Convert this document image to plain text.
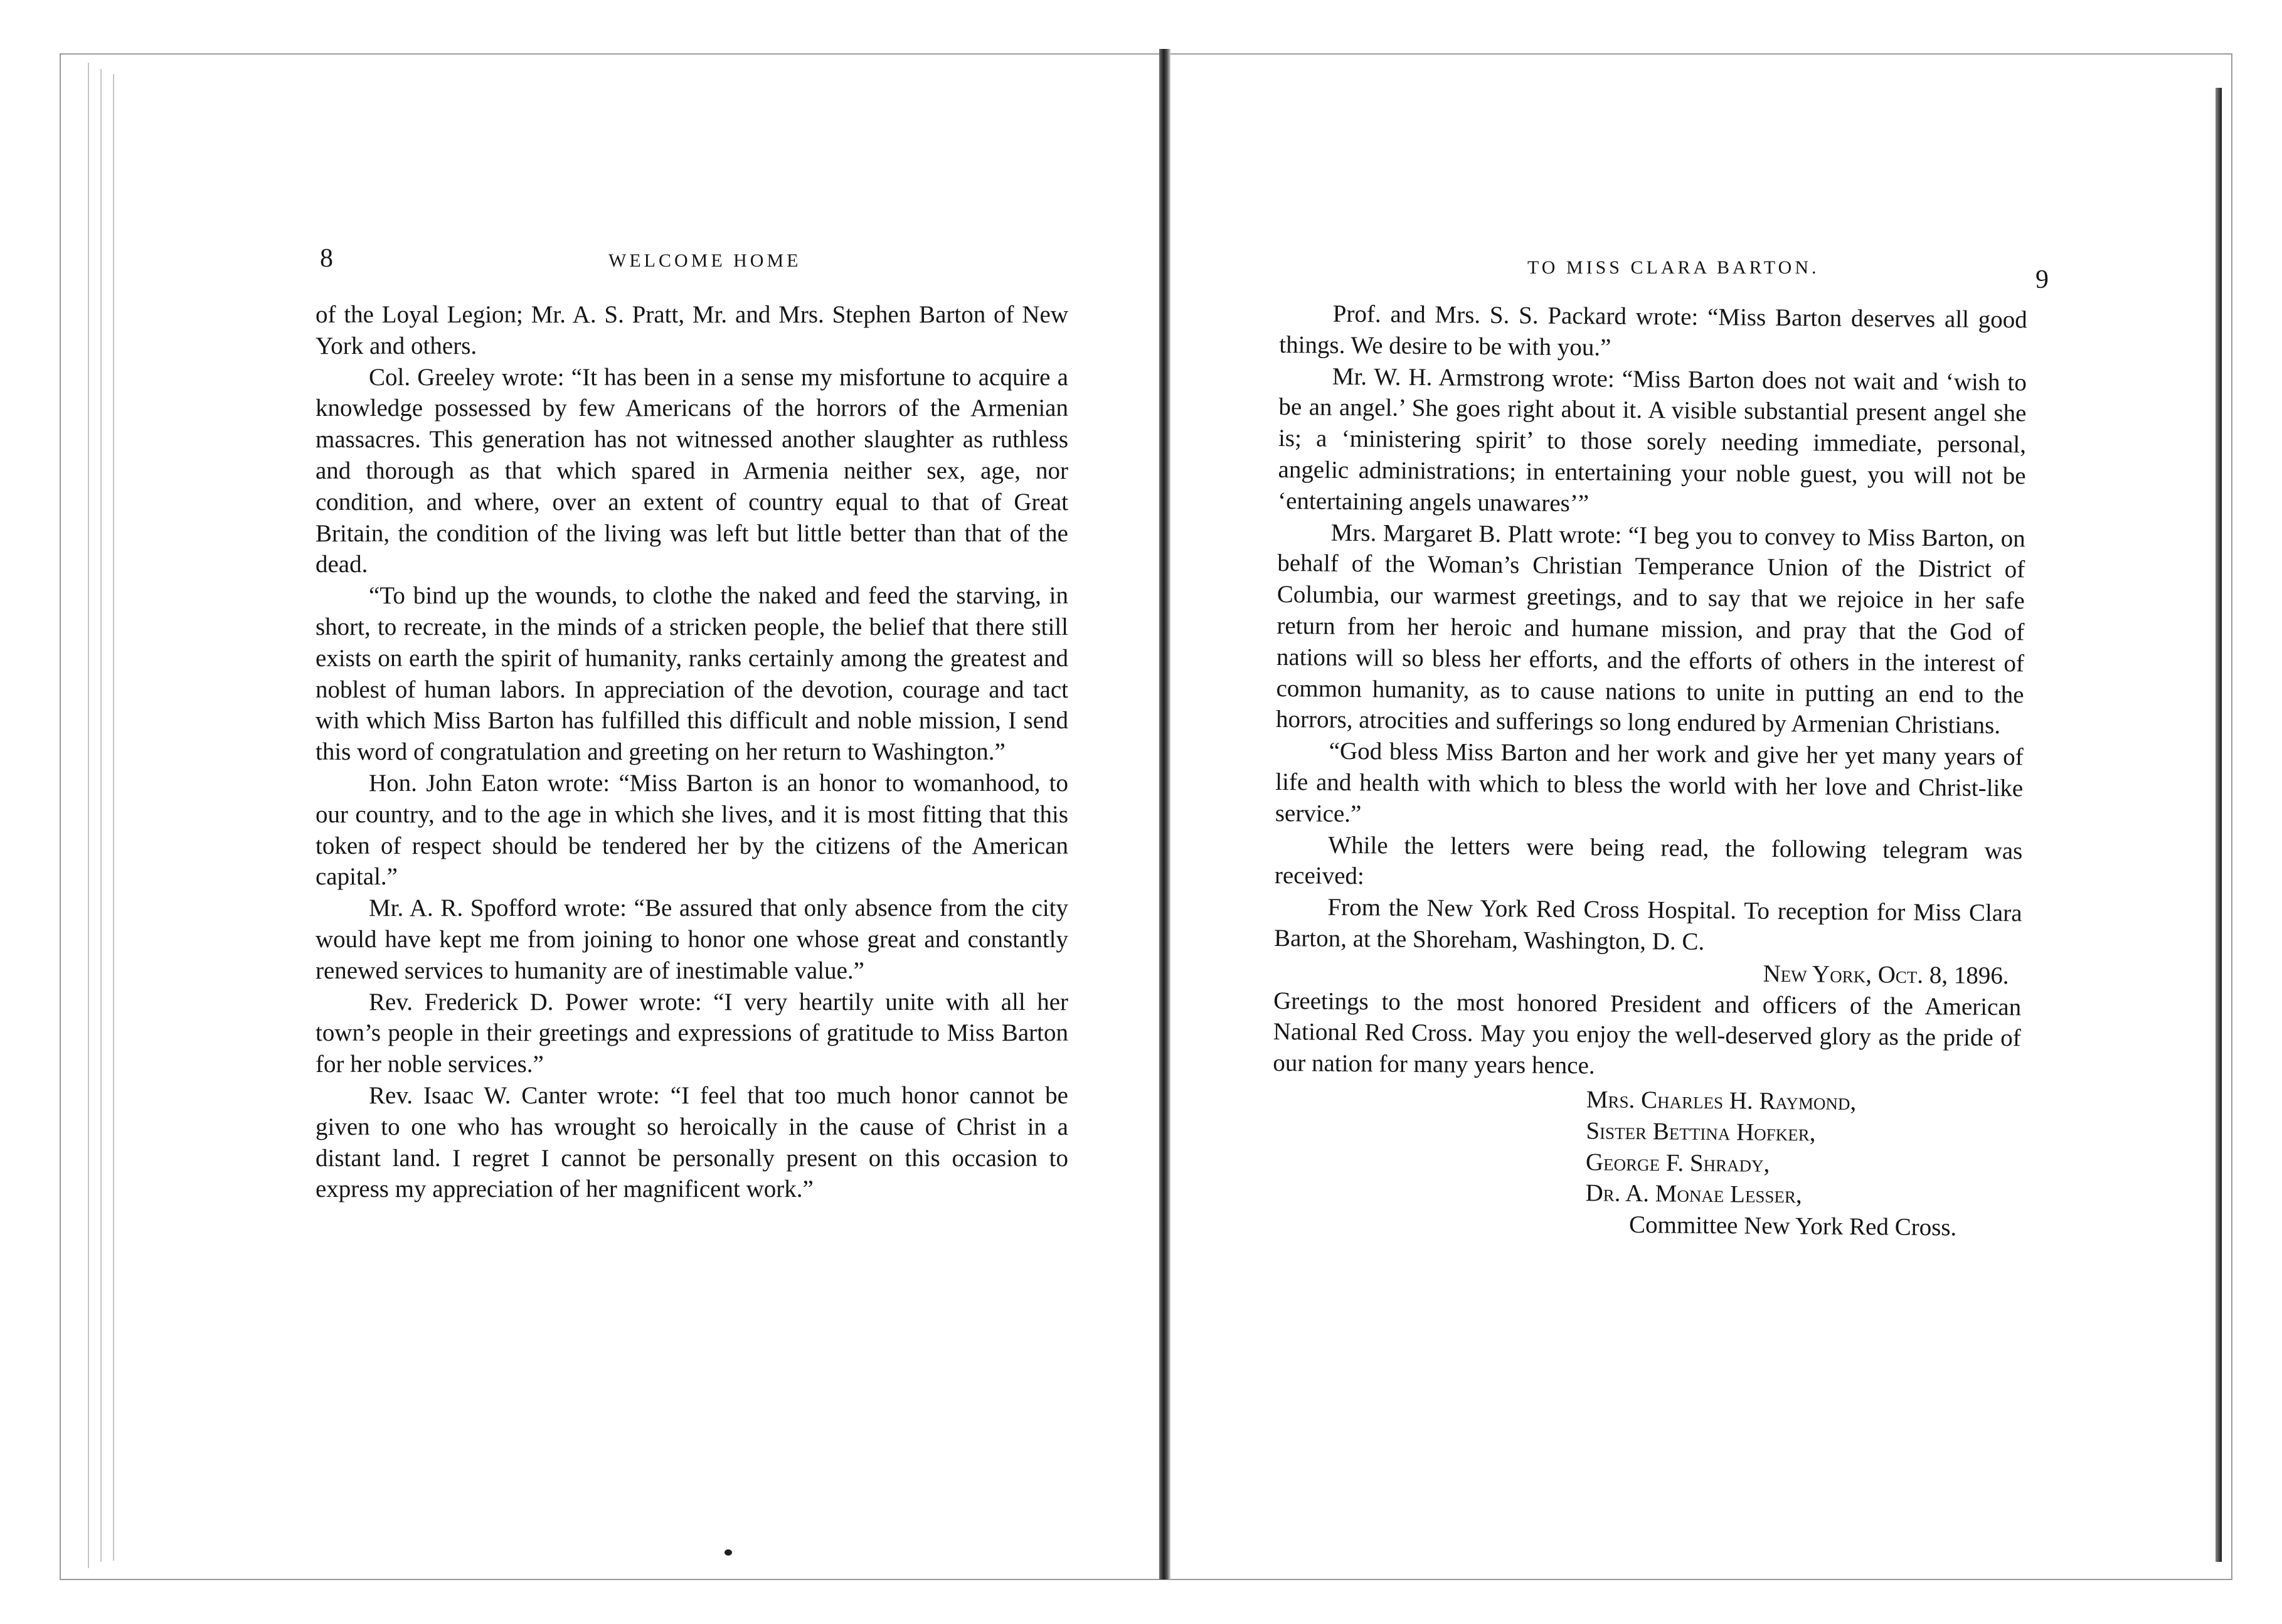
8	WELCOME HOME

of the Loyal Legion; Mr. A. S. Pratt, Mr. and Mrs. Stephen Barton of New York and others.

Col. Greeley wrote: “It has been in a sense my misfortune to acquire a knowledge possessed by few Americans of the horrors of the Armenian massacres. This generation has not witnessed another slaughter as ruthless and thorough as that which spared in Armenia neither sex, age, nor condition, and where, over an extent of country equal to that of Great Britain, the condition of the living was left but little better than that of the dead.

“To bind up the wounds, to clothe the naked and feed the starving, in short, to recreate, in the minds of a stricken people, the belief that there still exists on earth the spirit of humanity, ranks certainly among the greatest and noblest of human labors. In appreciation of the devotion, courage and tact with which Miss Barton has fulfilled this difficult and noble mission, I send this word of congratulation and greeting on her return to Washington.”

Hon. John Eaton wrote: “Miss Barton is an honor to womanhood, to our country, and to the age in which she lives, and it is most fitting that this token of respect should be tendered her by the citizens of the American capital.”

Mr. A. R. Spofford wrote: “Be assured that only absence from the city would have kept me from joining to honor one whose great and constantly renewed services to humanity are of inestimable value.”

Rev. Frederick D. Power wrote: “I very heartily unite with all her town’s people in their greetings and expressions of gratitude to Miss Barton for her noble services.”

Rev. Isaac W. Canter wrote: “I feel that too much honor cannot be given to one who has wrought so heroically in the cause of Christ in a distant land. I regret I cannot be personally present on this occasion to express my appreciation of her magnificent work.”

TO MISS CLARA BARTON.	9

Prof. and Mrs. S. S. Packard wrote: “Miss Barton deserves all good things. We desire to be with you.”

Mr. W. H. Armstrong wrote: “Miss Barton does not wait and ‘wish to be an angel.’ She goes right about it. A visible substantial present angel she is; a ‘ministering spirit’ to those sorely needing immediate, personal, angelic administrations; in entertaining your noble guest, you will not be ‘entertaining angels unawares’”

Mrs. Margaret B. Platt wrote: “I beg you to convey to Miss Barton, on behalf of the Woman’s Christian Temperance Union of the District of Columbia, our warmest greetings, and to say that we rejoice in her safe return from her heroic and humane mission, and pray that the God of nations will so bless her efforts, and the efforts of others in the interest of common humanity, as to cause nations to unite in putting an end to the horrors, atrocities and sufferings so long endured by Armenian Christians.

“God bless Miss Barton and her work and give her yet many years of life and health with which to bless the world with her love and Christ-like service.”

While the letters were being read, the following telegram was received:

From the New York Red Cross Hospital. To reception for Miss Clara Barton, at the Shoreham, Washington, D. C.

New York, Oct. 8, 1896.

Greetings to the most honored President and officers of the American National Red Cross. May you enjoy the well-deserved glory as the pride of our nation for many years hence.

Mrs. Charles H. Raymond,
Sister Bettina Hofker,
George F. Shrady,
Dr. A. Monae Lesser,
Committee New York Red Cross.
